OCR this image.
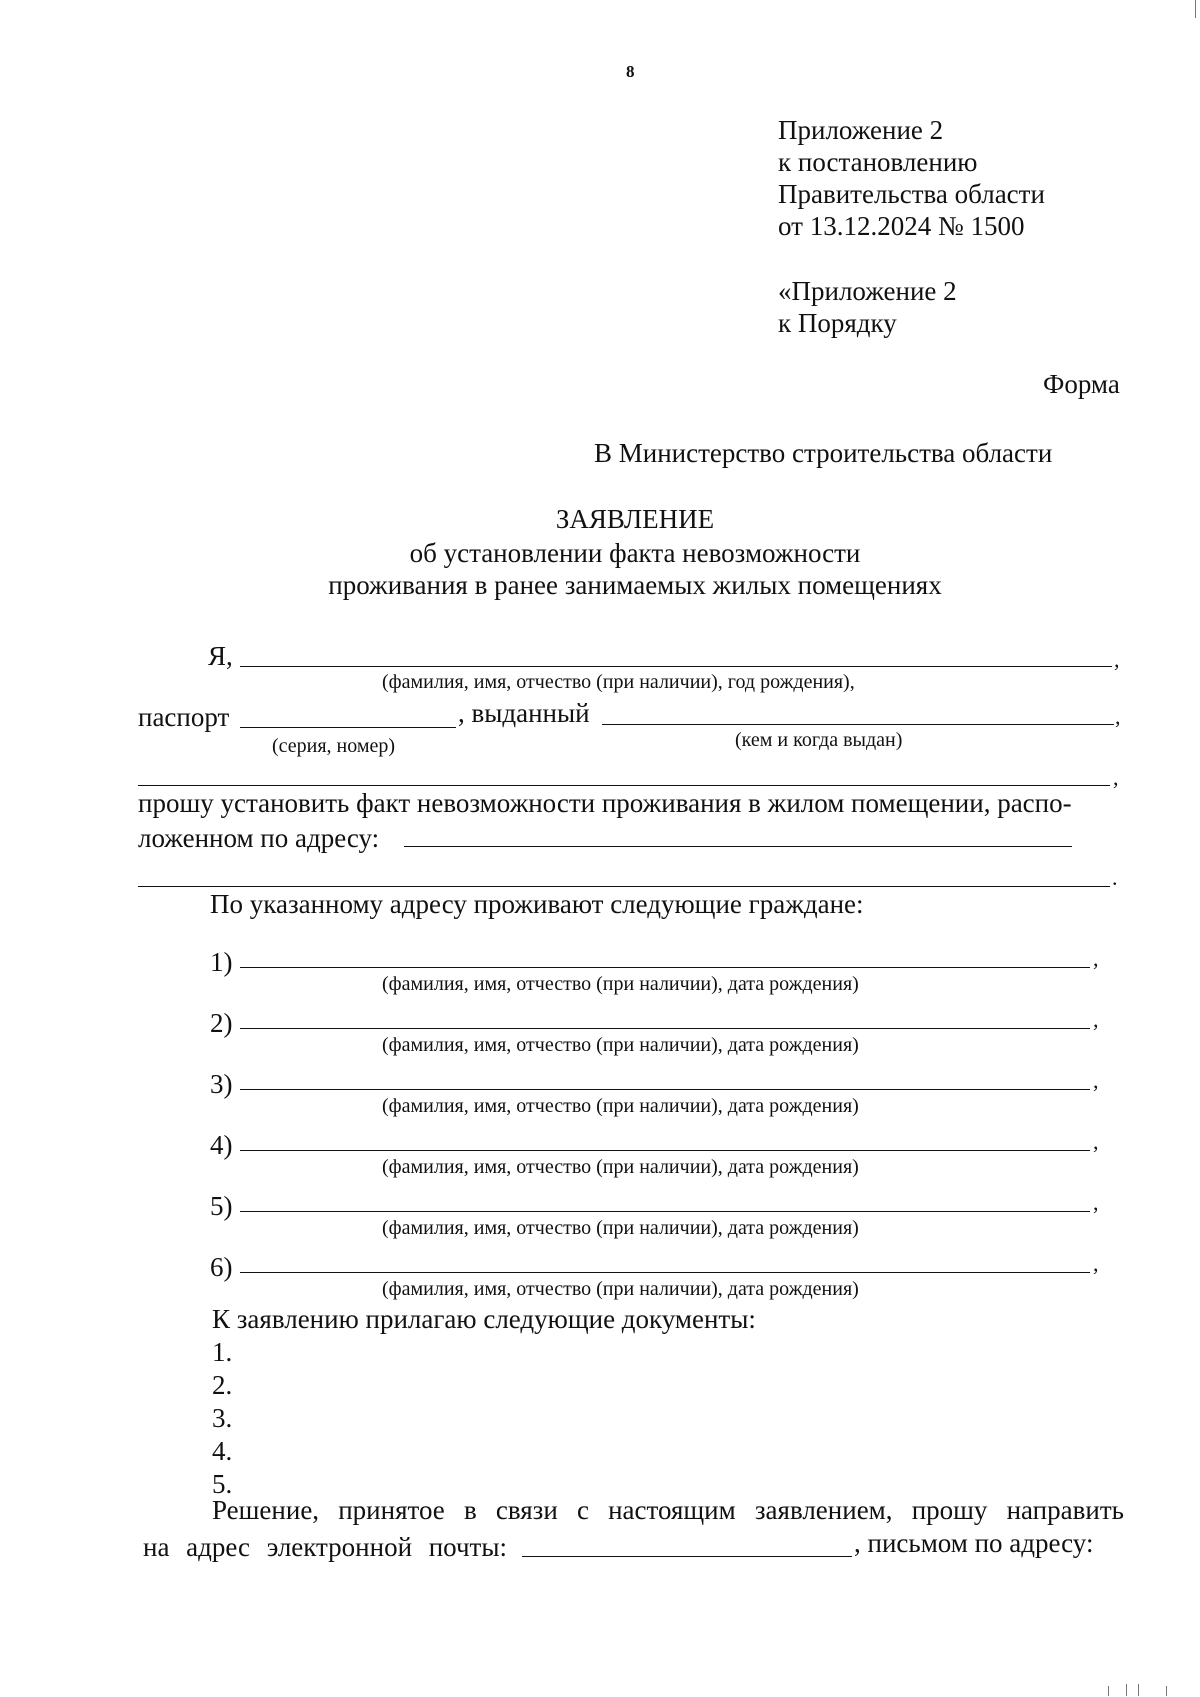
8
Приложение 2
к постановлению
Правительства области
от 13.12.2024 № 1500
«Приложение 2
к Порядку
Форма
В Министерство строительства области
ЗАЯВЛЕНИЕ
об установлении факта невозможности
проживания в ранее занимаемых жилых помещениях
Я,	,
(фамилия, имя, отчество (при наличии), год рождения),
паспорт	, выданный	,
(серия, номер)	(кем и когда выдан)
,
прошу установить факт невозможности проживания в жилом помещении, распо-
ложенном по адресу:
.
По указанному адресу проживают следующие граждане:
1)	,
(фамилия, имя, отчество (при наличии), дата рождения)
2)	,
(фамилия, имя, отчество (при наличии), дата рождения)
3)	,
(фамилия, имя, отчество (при наличии), дата рождения)
4)	,
(фамилия, имя, отчество (при наличии), дата рождения)
5)	,
(фамилия, имя, отчество (при наличии), дата рождения)
6)	,
(фамилия, имя, отчество (при наличии), дата рождения)
К заявлению прилагаю следующие документы:
1.
2.
3.
4.
5.
Решение, принятое в связи с настоящим заявлением, прошу направить
на адрес электронной почты:	, письмом по адресу:
